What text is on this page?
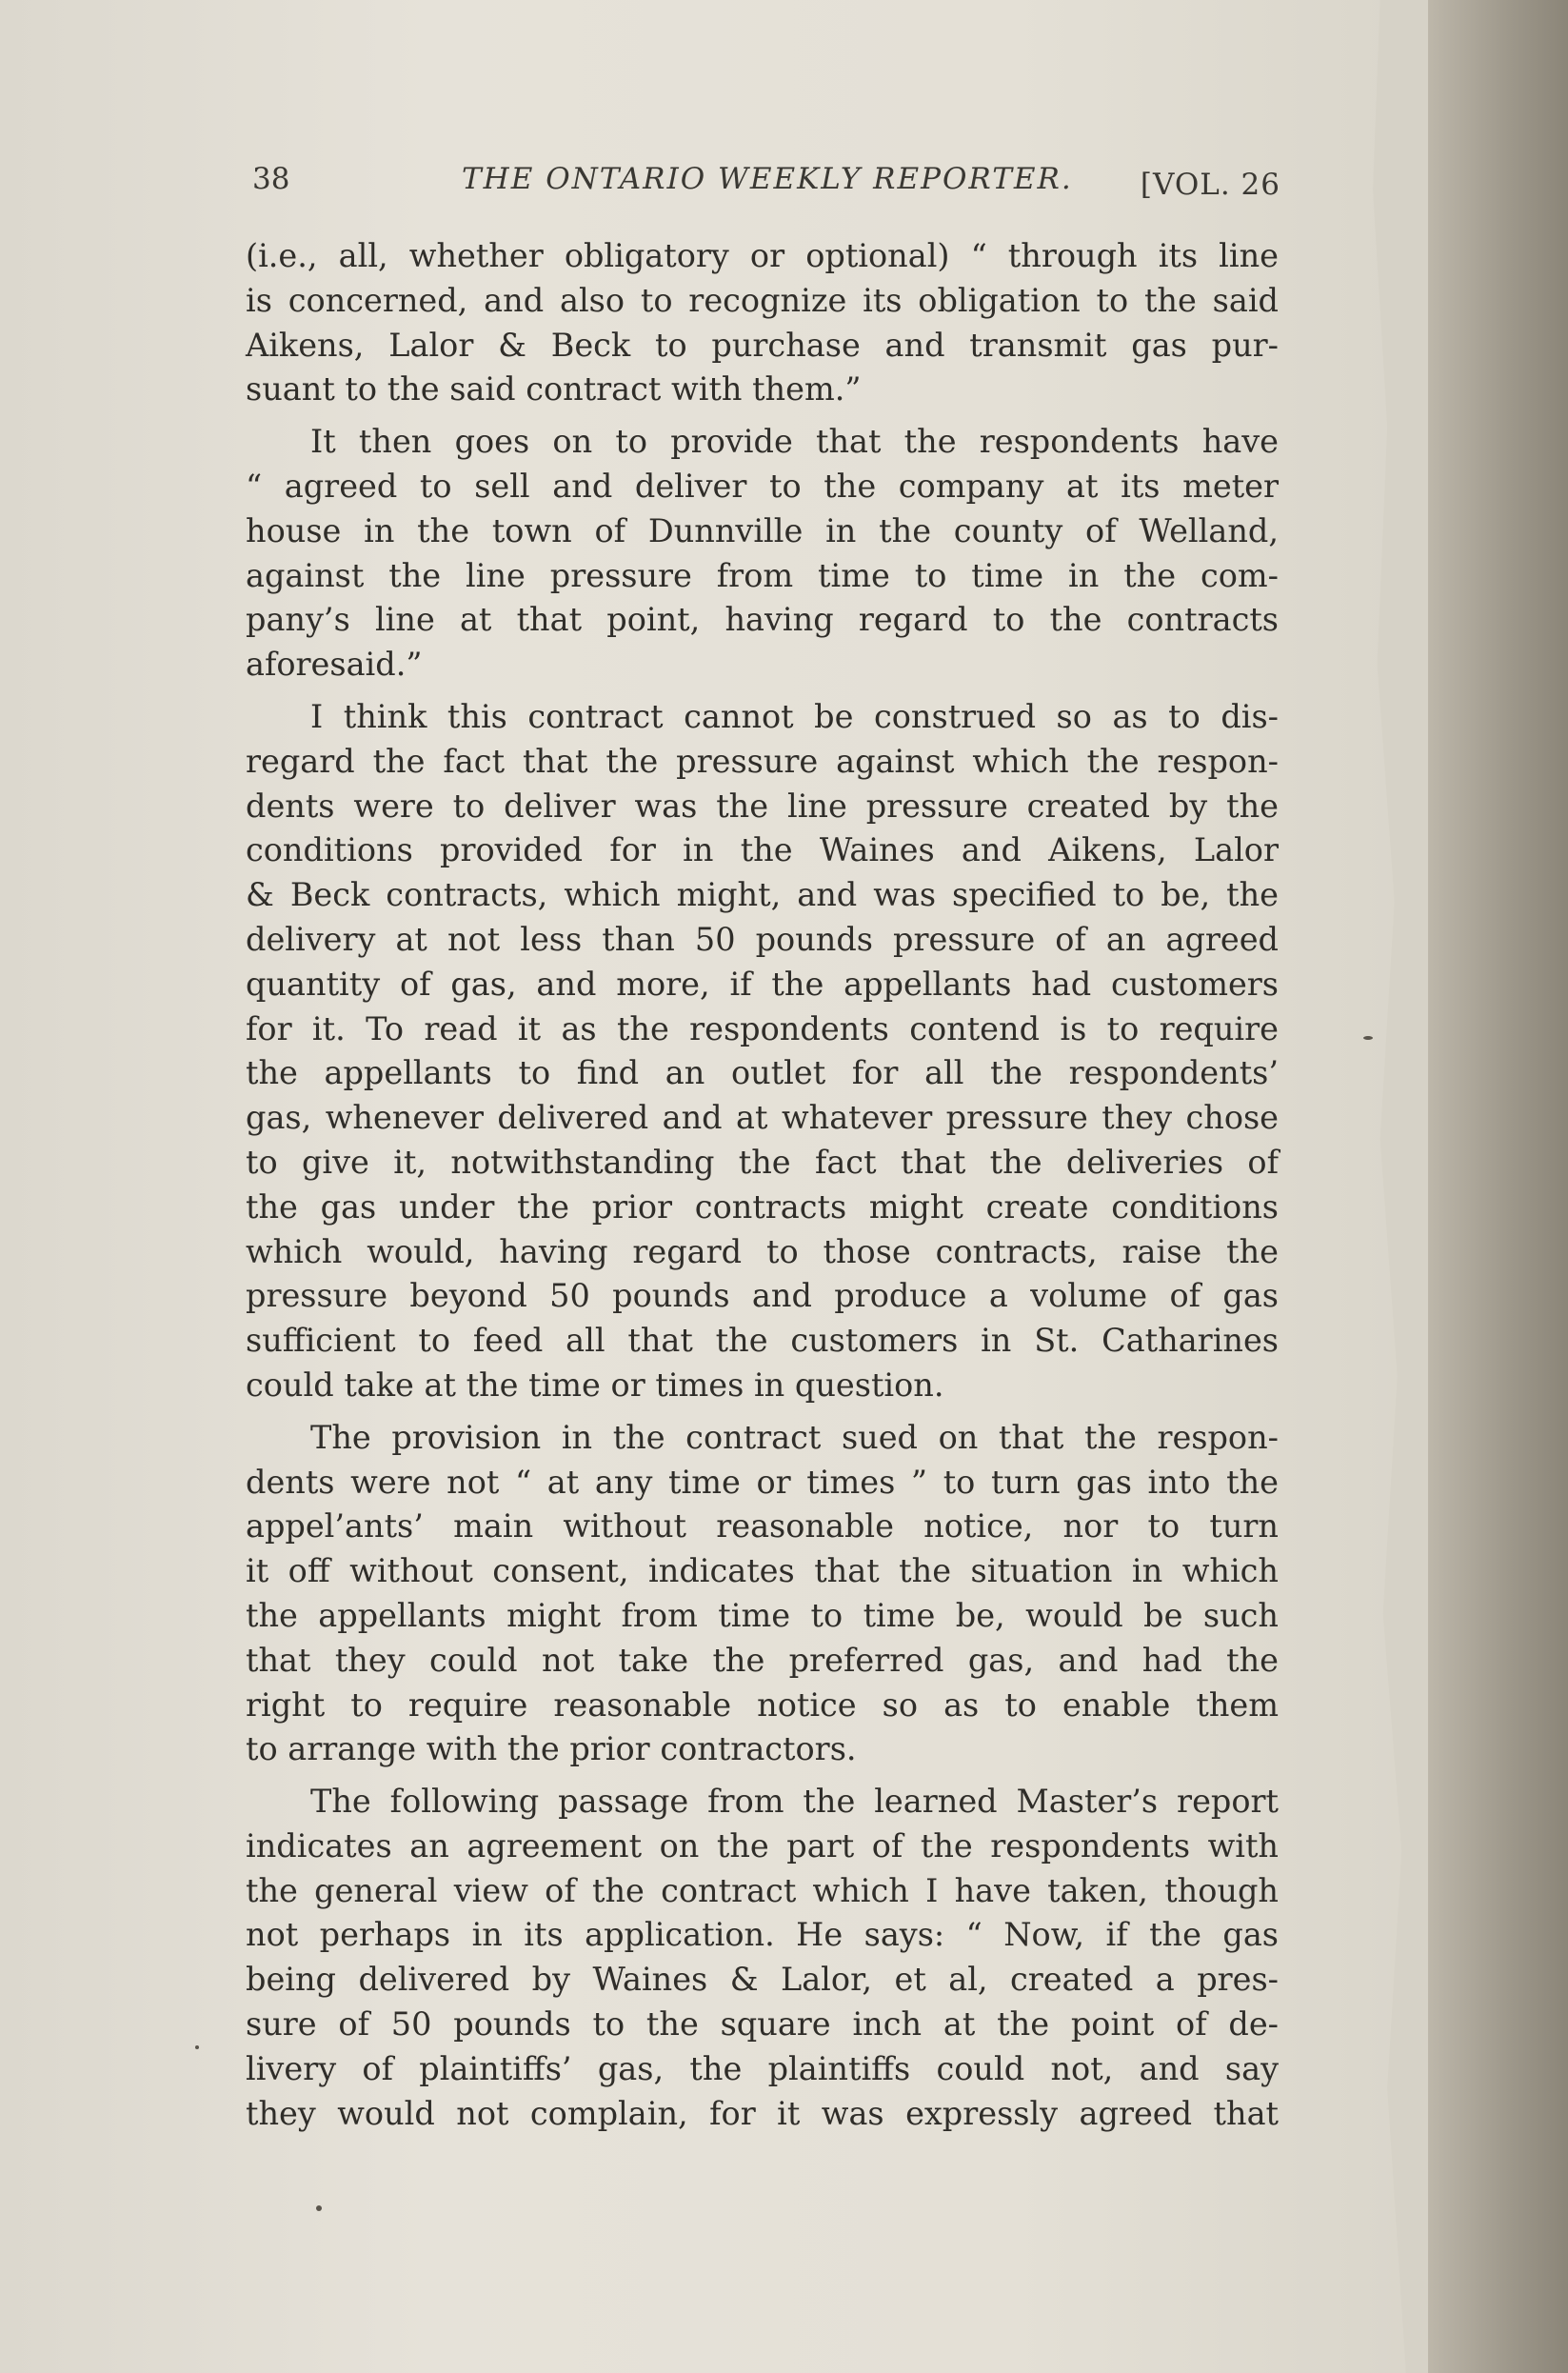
38	THE ONTARIO WEEKLY REPORTER. [VOL. 26

(i.e., all, whether obligatory or optional) “ through its line
is concerned, and also to recognize its obligation to the said
Aikens, Lalor & Beck to purchase and transmit gas pur-
suant to the said contract with them.”

It then goes on to provide that the respondents have
“ agreed to sell and deliver to the company at its meter
house in the town of Dunnville in the county of Welland,
against the line pressure from time to time in the com-
pany’s line at that point, having regard to the contracts
aforesaid.”

I think this contract cannot be construed so as to dis-
regard the fact that the pressure against which the respon-
dents were to deliver was the line pressure created by the
conditions provided for in the Waines and Aikens, Lalor
& Beck contracts, which might, and was specified to be, the
delivery at not less than 50 pounds pressure of an agreed
quantity of gas, and more, if the appellants had customers
for it. To read it as the respondents contend is to require
the appellants to find an outlet for all the respondents’
gas, whenever delivered and at whatever pressure they chose
to give it, notwithstanding the fact that the deliveries of
the gas under the prior contracts might create conditions
which would, having regard to those contracts, raise the
pressure beyond 50 pounds and produce a volume of gas
sufficient to feed all that the customers in St. Catharines
could take at the time or times in question.

The provision in the contract sued on that the respon-
dents were not “ at any time or times ” to turn gas into the
appel’ants’ main without reasonable notice, nor to turn
it off without consent, indicates that the situation in which
the appellants might from time to time be, would be such
that they could not take the preferred gas, and had the
right to require reasonable notice so as to enable them
to arrange with the prior contractors.

The following passage from the learned Master’s report
indicates an agreement on the part of the respondents with
the general view of the contract which I have taken, though
not perhaps in its application. He says: “ Now, if the gas
being delivered by Waines & Lalor, et al, created a pres-
sure of 50 pounds to the square inch at the point of de-
livery of plaintiffs’ gas, the plaintiffs could not, and say
they would not complain, for it was expressly agreed that
